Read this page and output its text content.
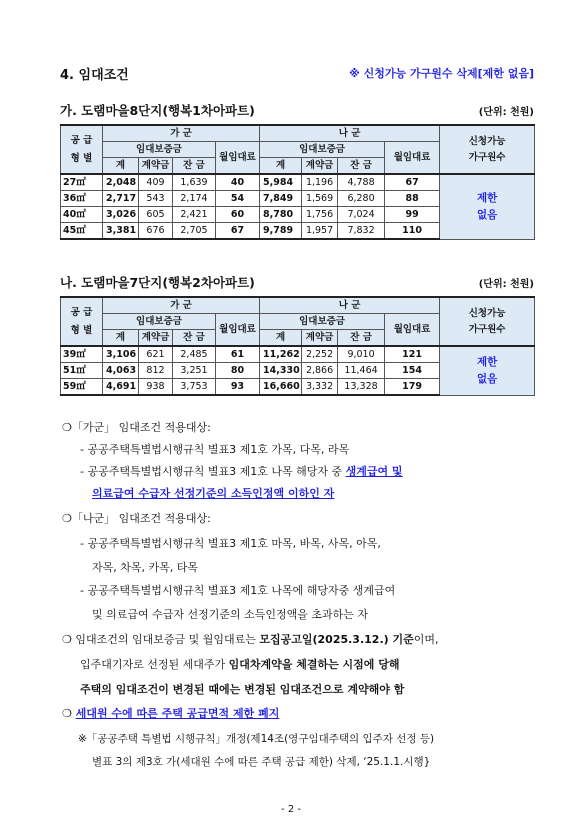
4. 임대조건	※ 신청가능 가구원수 삭제[제한 없음]
가. 도램마을8단지(행복1차아파트)	(단위: 천원)
공 급
형 별	가 군				나 군				신청가능
가구원수
	임대보증금			월임대료	임대보증금			월임대료	
	계	계약금	잔 금		계	계약금	잔 금		
27㎡	2,048	409	1,639	40	5,984	1,196	4,788	67	제한
없음
36㎡	2,717	543	2,174	54	7,849	1,569	6,280	88	
40㎡	3,026	605	2,421	60	8,780	1,756	7,024	99	
45㎡	3,381	676	2,705	67	9,789	1,957	7,832	110	
나. 도램마을7단지(행복2차아파트)	(단위: 천원)
공 급
형 별	가 군				나 군				신청가능
가구원수
	임대보증금			월임대료	임대보증금			월임대료	
	계	계약금	잔 금		계	계약금	잔 금		
39㎡	3,106	621	2,485	61	11,262	2,252	9,010	121	제한
없음
51㎡	4,063	812	3,251	80	14,330	2,866	11,464	154	
59㎡	4,691	938	3,753	93	16,660	3,332	13,328	179	
❍「가군」 임대조건 적용대상:
- 공공주택특별법시행규칙 별표3 제1호 가목, 다목, 라목
- 공공주택특별법시행규칙 별표3 제1호 나목 해당자 중 생계급여 및
의료급여 수급자 선정기준의 소득인정액 이하인 자
❍「나군」 임대조건 적용대상:
- 공공주택특별법시행규칙 별표3 제1호 마목, 바목, 사목, 아목,
자목, 차목, 카목, 타목
- 공공주택특별법시행규칙 별표3 제1호 나목에 해당자중 생계급여
및 의료급여 수급자 선정기준의 소득인정액을 초과하는 자
❍ 임대조건의 임대보증금 및 월임대료는 모집공고일(2025.3.12.) 기준이며,
입주대기자로 선정된 세대주가 임대차계약을 체결하는 시점에 당해
주택의 임대조건이 변경된 때에는 변경된 임대조건으로 계약해야 함
❍ 세대원 수에 따른 주택 공급면적 제한 폐지
※「공공주택 특별법 시행규칙」개정(제14조(영구임대주택의 입주자 선정 등)
별표 3의 제3호 가(세대원 수에 따른 주택 공급 제한) 삭제, ‘25.1.1.시행}
- 2 -
